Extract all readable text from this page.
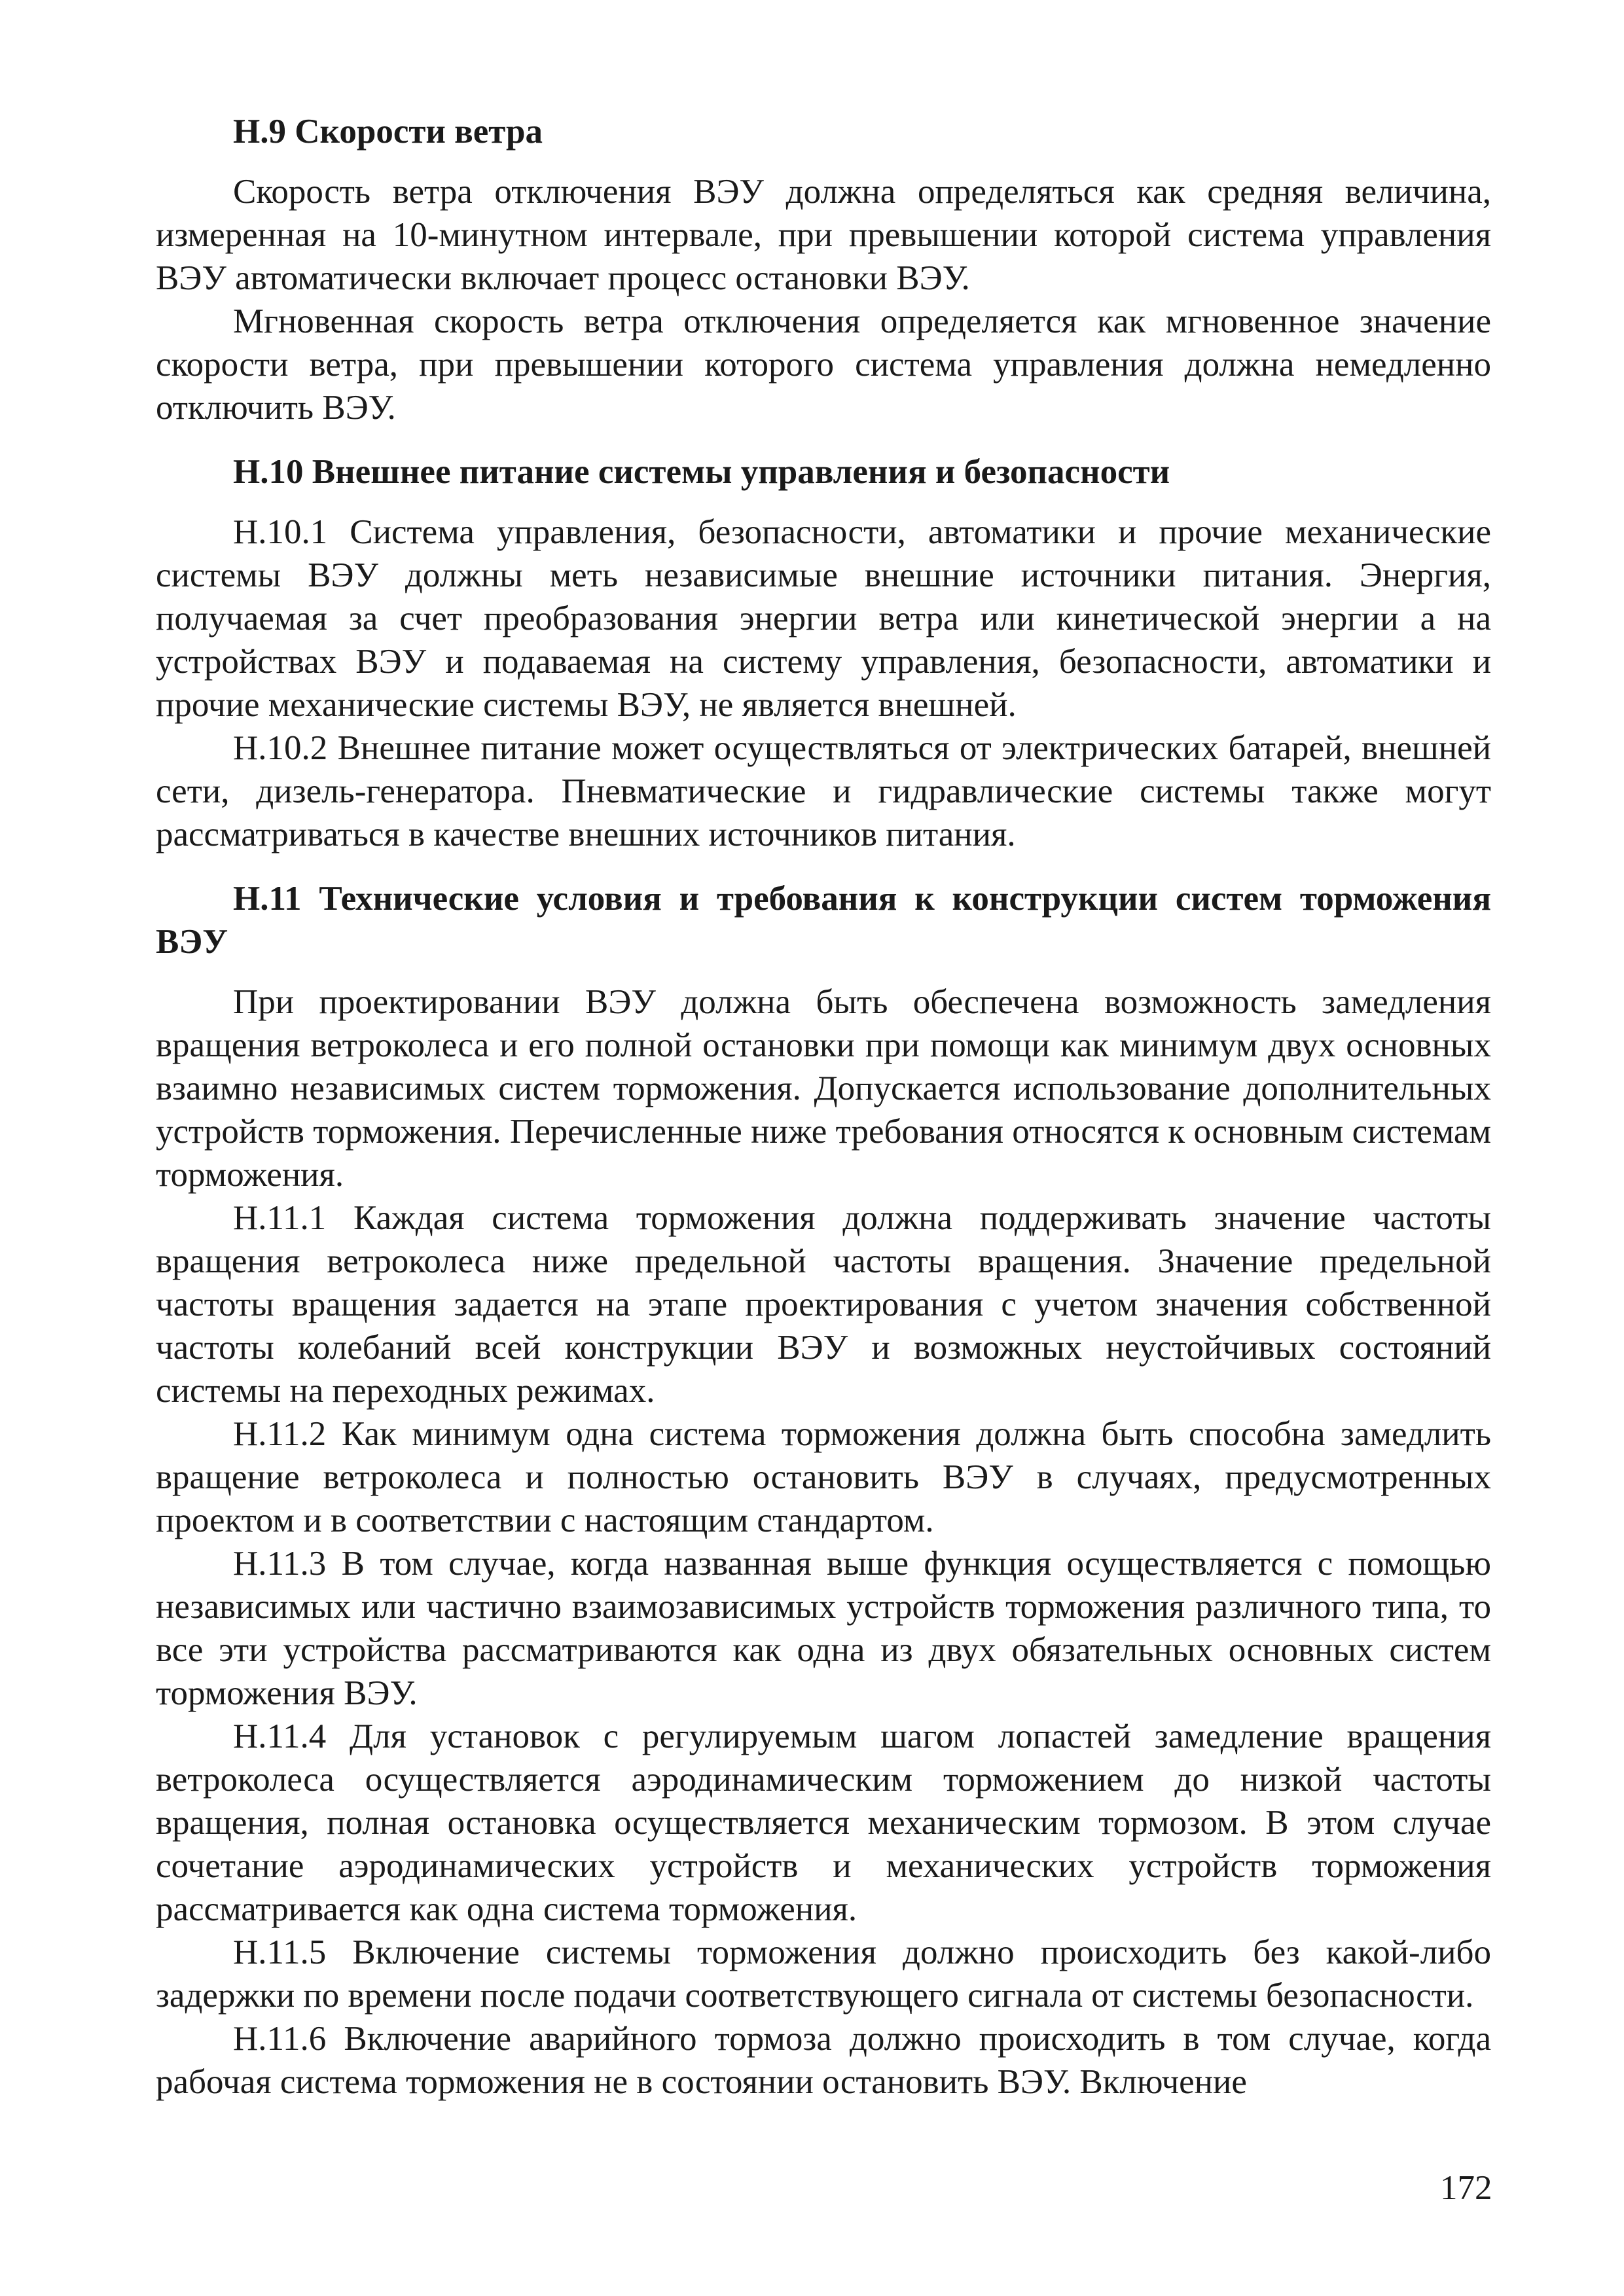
Н.9 Скорости ветра

Скорость ветра отключения ВЭУ должна определяться как средняя величина, измеренная на 10-минутном интервале, при превышении которой система управления ВЭУ автоматически включает процесс остановки ВЭУ.

Мгновенная скорость ветра отключения определяется как мгновенное значение скорости ветра, при превышении которого система управления должна немедленно отключить ВЭУ.

Н.10 Внешнее питание системы управления и безопасности

Н.10.1 Система управления, безопасности, автоматики и прочие механические системы ВЭУ должны меть независимые внешние источники питания. Энергия, получаемая за счет преобразования энергии ветра или кинетической энергии а на устройствах ВЭУ и подаваемая на систему управления, безопасности, автоматики и прочие механические системы ВЭУ, не является внешней.

Н.10.2 Внешнее питание может осуществляться от электрических батарей, внешней сети, дизель-генератора. Пневматические и гидравлические системы также могут рассматриваться в качестве внешних источников питания.

Н.11 Технические условия и требования к конструкции систем торможения ВЭУ

При проектировании ВЭУ должна быть обеспечена возможность замедления вращения ветроколеса и его полной остановки при помощи как минимум двух основных взаимно независимых систем торможения. Допускается использование дополнительных устройств торможения. Перечисленные ниже требования относятся к основным системам торможения.

Н.11.1 Каждая система торможения должна поддерживать значение частоты вращения ветроколеса ниже предельной частоты вращения. Значение предельной частоты вращения задается на этапе проектирования с учетом значения собственной частоты колебаний всей конструкции ВЭУ и возможных неустойчивых состояний системы на переходных режимах.

Н.11.2 Как минимум одна система торможения должна быть способна замедлить вращение ветроколеса и полностью остановить ВЭУ в случаях, предусмотренных проектом и в соответствии с настоящим стандартом.

Н.11.3 В том случае, когда названная выше функция осуществляется с помощью независимых или частично взаимозависимых устройств торможения различного типа, то все эти устройства рассматриваются как одна из двух обязательных основных систем торможения ВЭУ.

Н.11.4 Для установок с регулируемым шагом лопастей замедление вращения ветроколеса осуществляется аэродинамическим торможением до низкой частоты вращения, полная остановка осуществляется механическим тормозом. В этом случае сочетание аэродинамических устройств и механических устройств торможения рассматривается как одна система торможения.

Н.11.5 Включение системы торможения должно происходить без какой-либо задержки по времени после подачи соответствующего сигнала от системы безопасности.

Н.11.6 Включение аварийного тормоза должно происходить в том случае, когда рабочая система торможения не в состоянии остановить ВЭУ. Включение

172
